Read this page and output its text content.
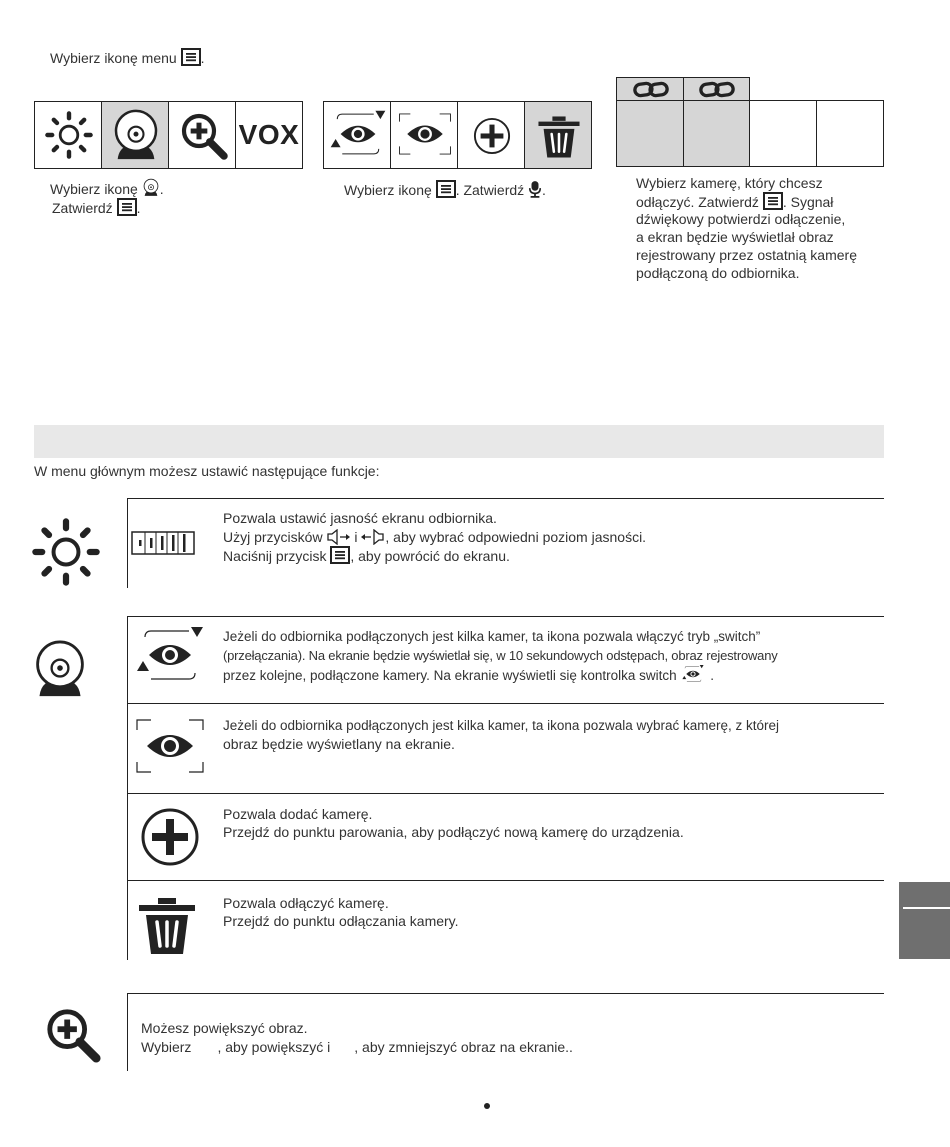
Wybierz ikonę menu .
VOX
Wybierz ikonę .
Zatwierdź .
Wybierz ikonę . Zatwierdź .	Wybierz kamerę, który chcesz
odłączyć. Zatwierdź . Sygnał
dźwiękowy potwierdzi odłączenie,
a ekran będzie wyświetlał obraz
rejestrowany przez ostatnią kamerę
podłączoną do odbiornika.
W menu głównym możesz ustawić następujące funkcje:
Pozwala ustawić jasność ekranu odbiornika.
Użyj przycisków i , aby wybrać odpowiedni poziom jasności.
Naciśnij przycisk , aby powrócić do ekranu.
Jeżeli do odbiornika podłączonych jest kilka kamer, ta ikona pozwala włączyć tryb „switch”
(przełączania). Na ekranie będzie wyświetlał się, w 10 sekundowych odstępach, obraz rejestrowany
przez kolejne, podłączone kamery. Na ekranie wyświetli się kontrolka switch .
Jeżeli do odbiornika podłączonych jest kilka kamer, ta ikona pozwala wybrać kamerę, z której
obraz będzie wyświetlany na ekranie.
Pozwala dodać kamerę.
Przejdź do punktu parowania, aby podłączyć nową kamerę do urządzenia.
Pozwala odłączyć kamerę.
Przejdź do punktu odłączania kamery.
Możesz powiększyć obraz.
Wybierz , aby powiększyć i , aby zmniejszyć obraz na ekranie..
